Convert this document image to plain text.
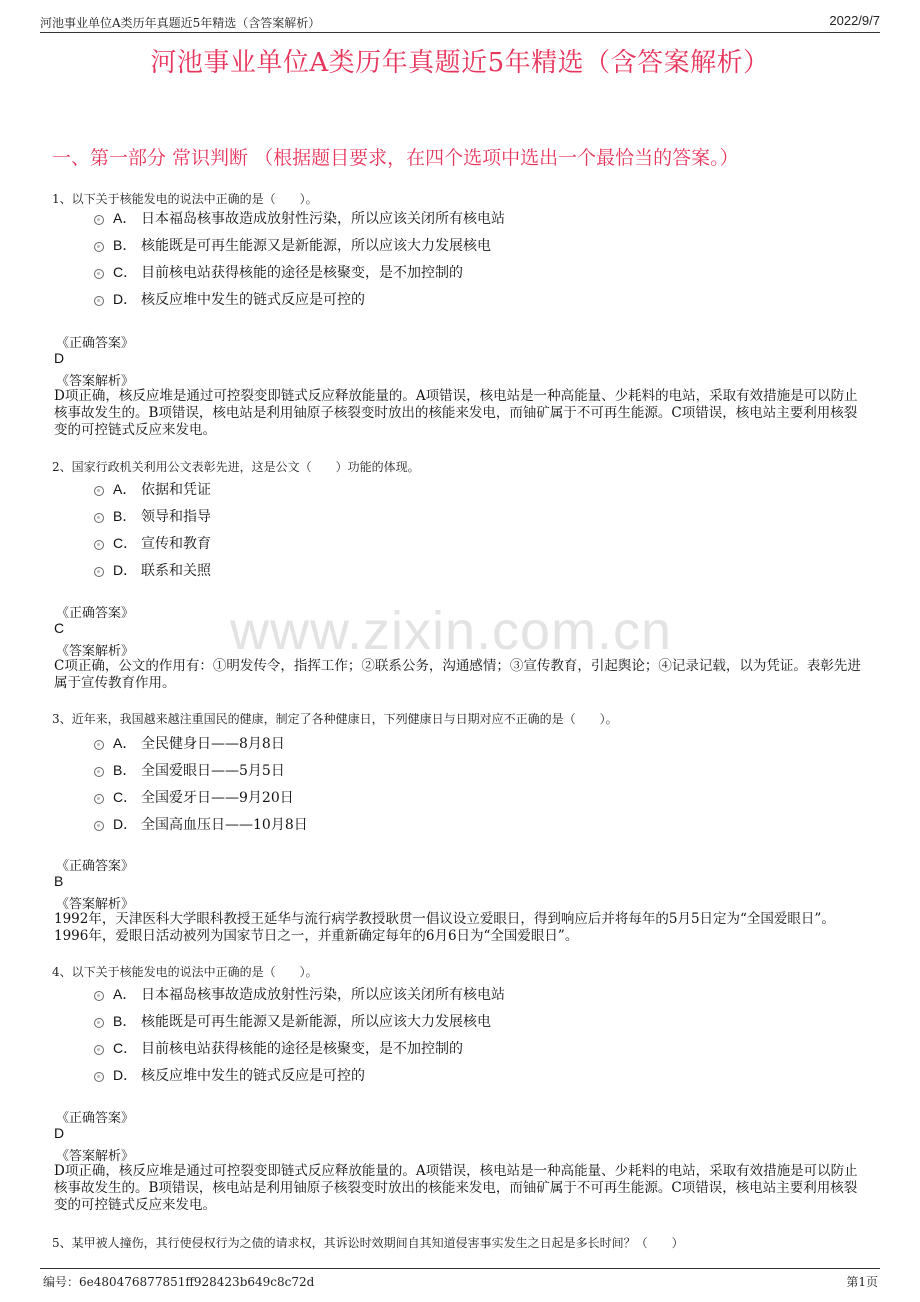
河池事业单位A类历年真题近5年精选（含答案解析）	2022/9/7
河池事业单位A类历年真题近5年精选（含答案解析）
一、第一部分 常识判断 （根据题目要求，在四个选项中选出一个最恰当的答案。）
www.zixin.com.cn
1、以下关于核能发电的说法中正确的是（　　）。
A． 日本福岛核事故造成放射性污染，所以应该关闭所有核电站
B． 核能既是可再生能源又是新能源，所以应该大力发展核电
C． 目前核电站获得核能的途径是核聚变，是不加控制的
D． 核反应堆中发生的链式反应是可控的
《正确答案》
D
《答案解析》
D项正确，核反应堆是通过可控裂变即链式反应释放能量的。A项错误，核电站是一种高能量、少耗料的电站，采取有效措施是可以防止核事故发生的。B项错误，核电站是利用铀原子核裂变时放出的核能来发电，而铀矿属于不可再生能源。C项错误，核电站主要利用核裂变的可控链式反应来发电。
2、国家行政机关利用公文表彰先进，这是公文（　　）功能的体现。
A． 依据和凭证
B． 领导和指导
C． 宣传和教育
D． 联系和关照
《正确答案》
C
《答案解析》
C项正确，公文的作用有：①明发传令，指挥工作；②联系公务，沟通感情；③宣传教育，引起舆论；④记录记载，以为凭证。表彰先进属于宣传教育作用。
3、近年来，我国越来越注重国民的健康，制定了各种健康日，下列健康日与日期对应不正确的是（　　）。
A． 全民健身日——8月8日
B． 全国爱眼日——5月5日
C． 全国爱牙日——9月20日
D． 全国高血压日——10月8日
《正确答案》
B
《答案解析》
1992年，天津医科大学眼科教授王延华与流行病学教授耿贯一倡议设立爱眼日，得到响应后并将每年的5月5日定为“全国爱眼日”。1996年，爱眼日活动被列为国家节日之一，并重新确定每年的6月6日为“全国爱眼日”。
4、以下关于核能发电的说法中正确的是（　　）。
A． 日本福岛核事故造成放射性污染，所以应该关闭所有核电站
B． 核能既是可再生能源又是新能源，所以应该大力发展核电
C． 目前核电站获得核能的途径是核聚变，是不加控制的
D． 核反应堆中发生的链式反应是可控的
《正确答案》
D
《答案解析》
D项正确，核反应堆是通过可控裂变即链式反应释放能量的。A项错误，核电站是一种高能量、少耗料的电站，采取有效措施是可以防止核事故发生的。B项错误，核电站是利用铀原子核裂变时放出的核能来发电，而铀矿属于不可再生能源。C项错误，核电站主要利用核裂变的可控链式反应来发电。
5、某甲被人撞伤，其行使侵权行为之债的请求权，其诉讼时效期间自其知道侵害事实发生之日起是多长时间？（　　）
编号：6e480476877851ff928423b649c8c72d	第1页
